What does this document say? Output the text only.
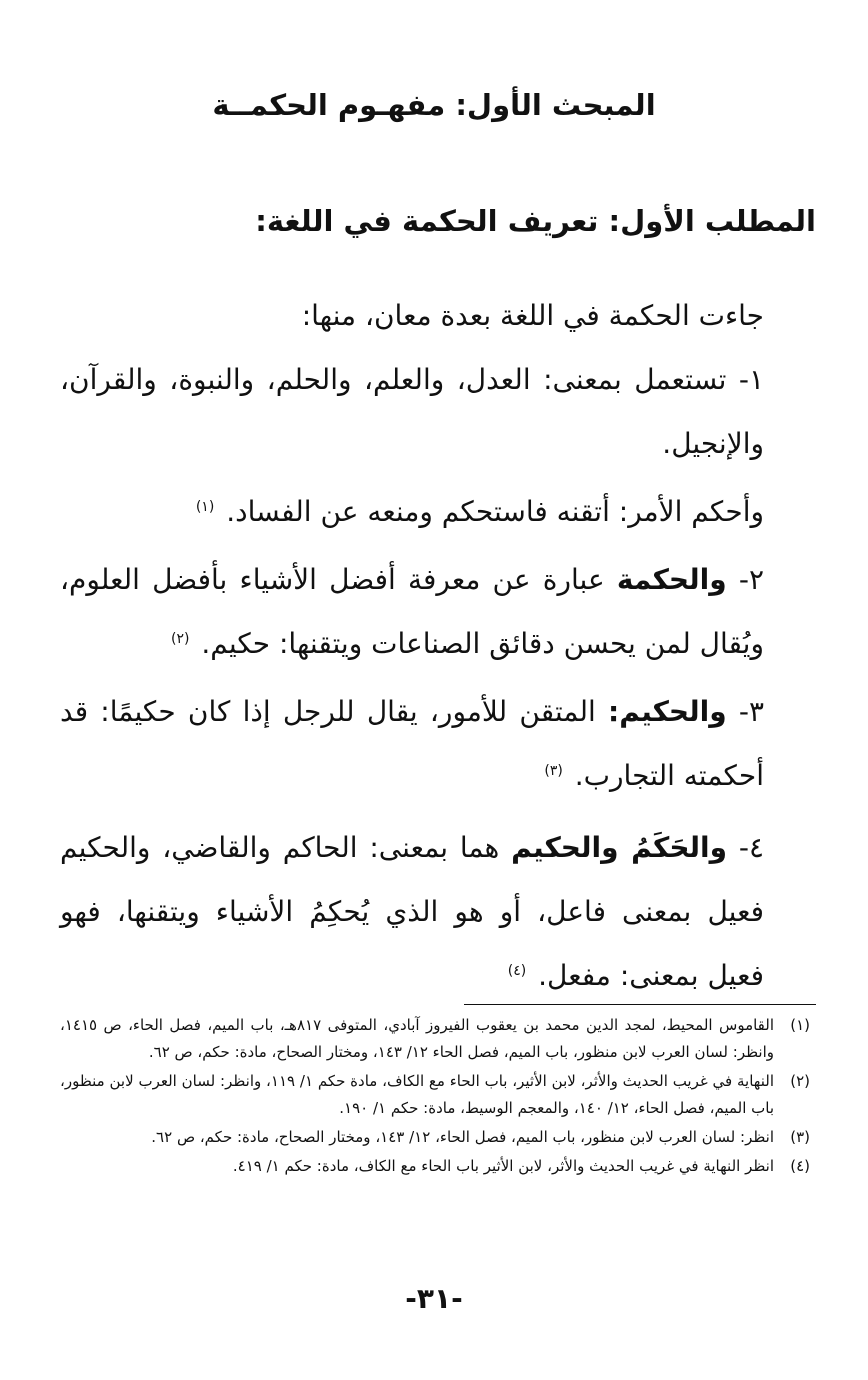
المبحث الأول: مفهـوم الحكمــة
المطلب الأول: تعريف الحكمة في اللغة:

جاءت الحكمة في اللغة بعدة معان، منها:

١- تستعمل بمعنى: العدل، والعلم، والحلم، والنبوة، والقرآن، والإنجيل.

وأحكم الأمر: أتقنه فاستحكم ومنعه عن الفساد. $^{(١)}$

٢- والحكمة عبارة عن معرفة أفضل الأشياء بأفضل العلوم، ويُقال لمن يحسن دقائق الصناعات ويتقنها: حكيم. $^{(٢)}$

٣- والحكيم: المتقن للأمور، يقال للرجل إذا كان حكيمًا: قد أحكمته التجارب. $^{(٣)}$

٤- والحَكَمُ والحكيم هما بمعنى: الحاكم والقاضي، والحكيم فعيل بمعنى فاعل، أو هو الذي يُحكِمُ الأشياء ويتقنها، فهو فعيل بمعنى: مفعل. $^{(٤)}$

(١)
القاموس المحيط، لمجد الدين محمد بن يعقوب الفيروز آبادي، المتوفى ٨١٧هـ، باب الميم، فصل الحاء، ص ١٤١٥، وانظر: لسان العرب لابن منظور، باب الميم، فصل الحاء ١٢/ ١٤٣، ومختار الصحاح، مادة: حكم، ص ٦٢.
(٢)
النهاية في غريب الحديث والأثر، لابن الأثير، باب الحاء مع الكاف، مادة حكم ١/ ١١٩، وانظر: لسان العرب لابن منظور، باب الميم، فصل الحاء، ١٢/ ١٤٠، والمعجم الوسيط، مادة: حكم ١/ ١٩٠.
(٣)
انظر: لسان العرب لابن منظور، باب الميم، فصل الحاء، ١٢/ ١٤٣، ومختار الصحاح، مادة: حكم، ص ٦٢.
(٤)
انظر النهاية في غريب الحديث والأثر، لابن الأثير باب الحاء مع الكاف، مادة: حكم ١/ ٤١٩.
-٣١-
